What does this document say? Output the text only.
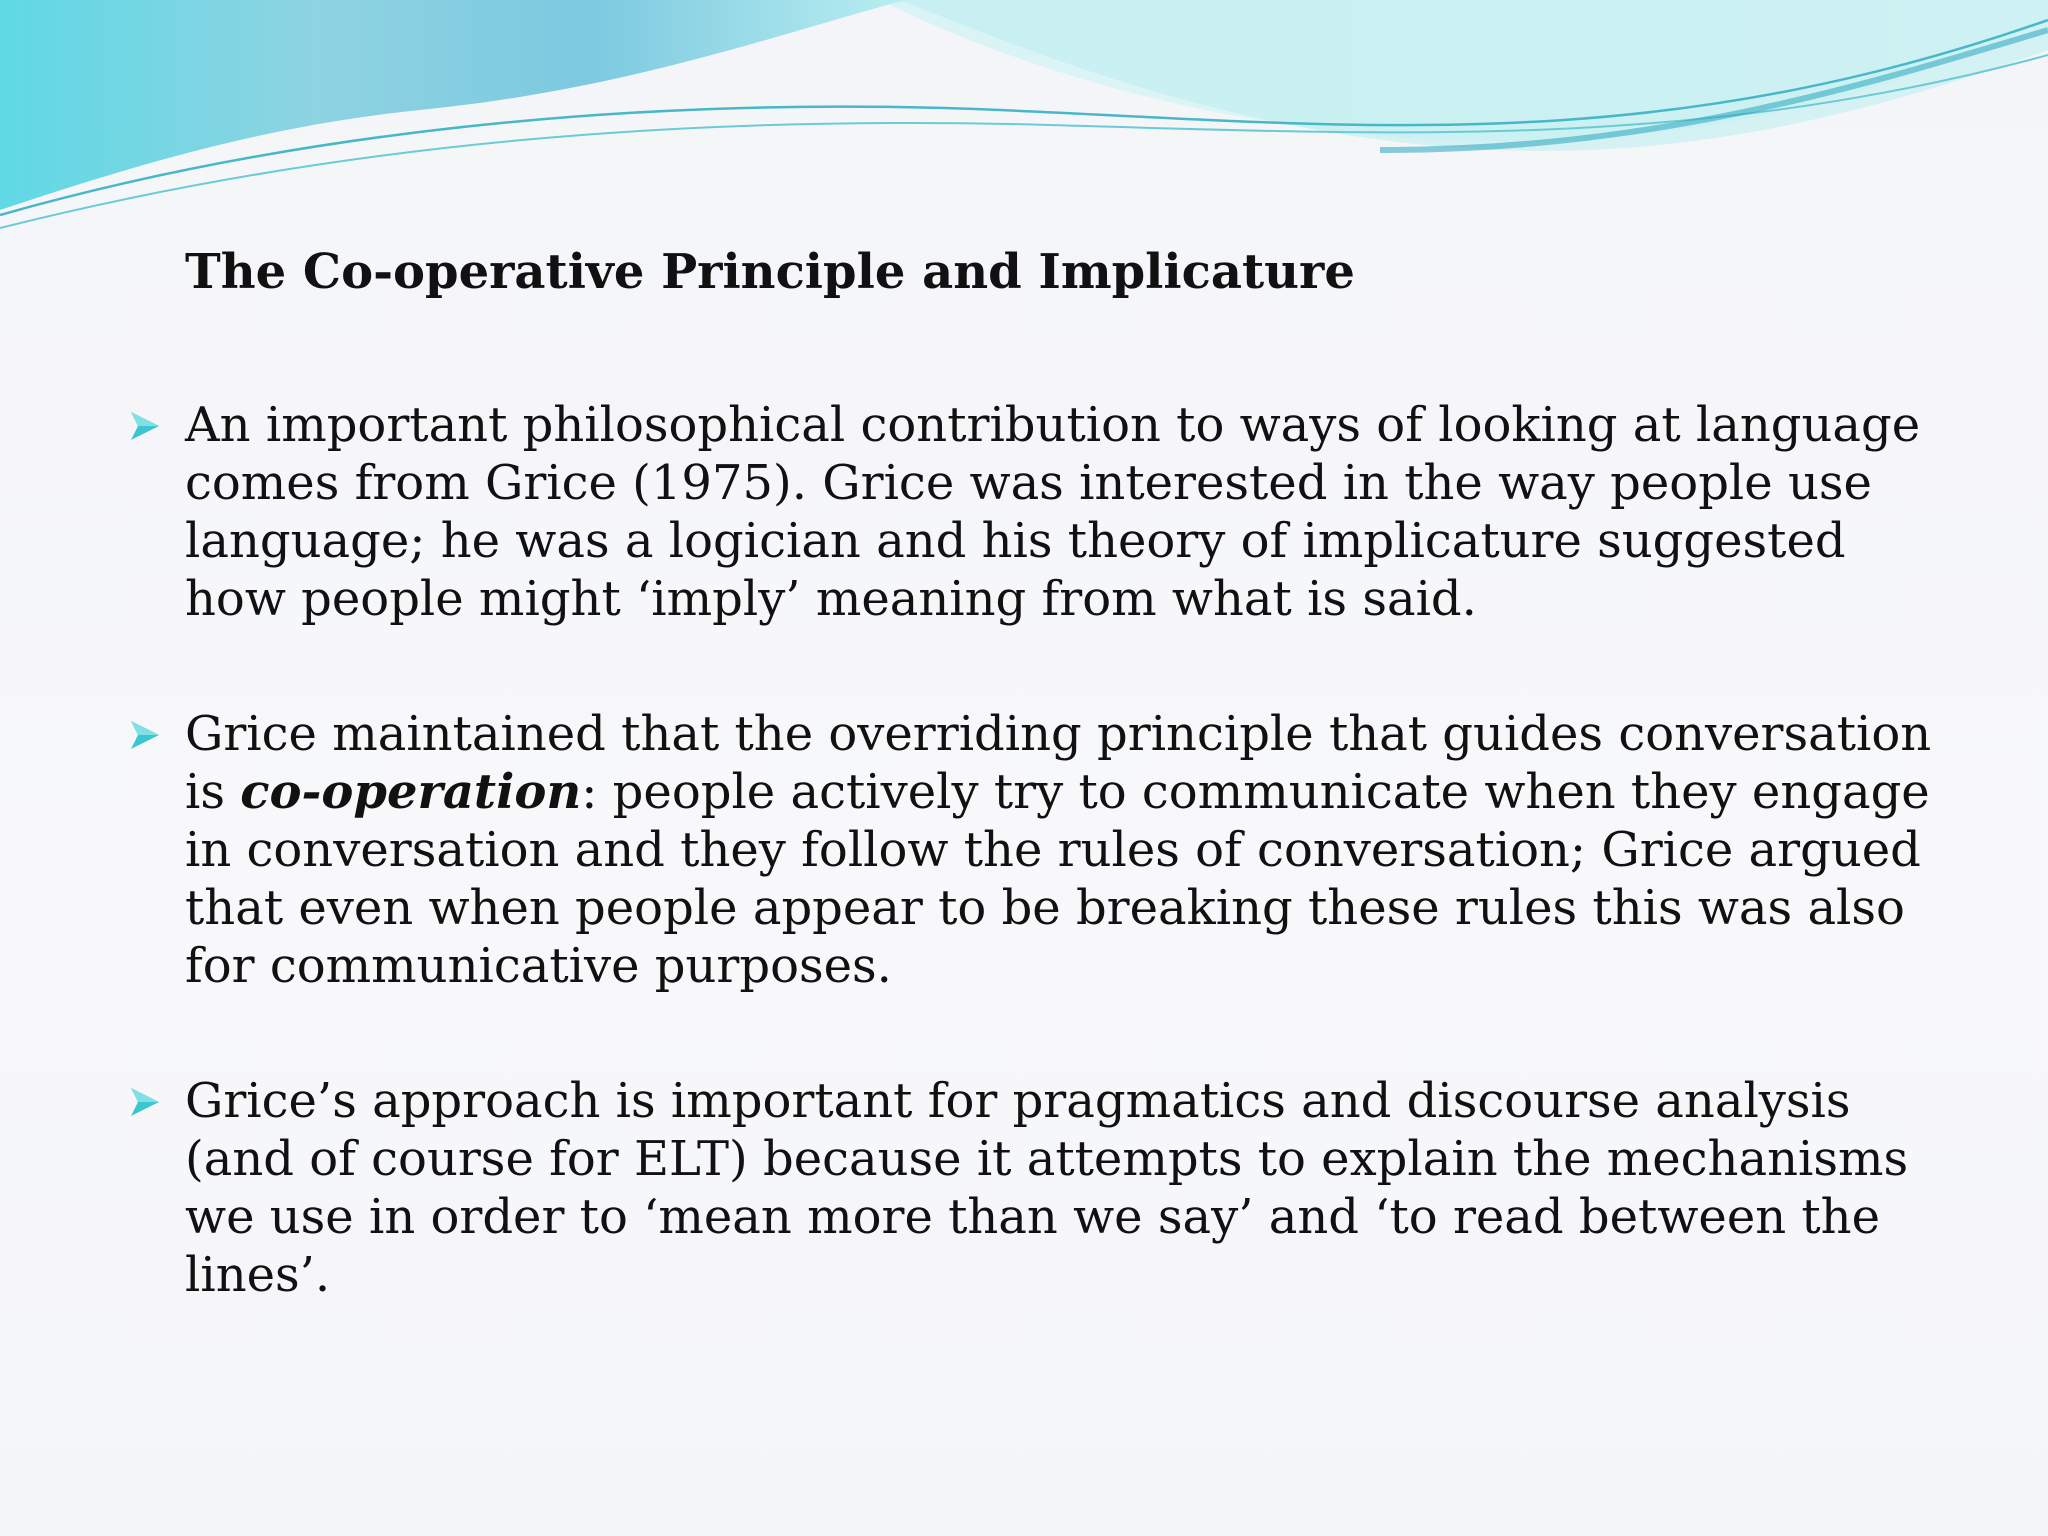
The Co-operative Principle and Implicature
An important philosophical contribution to ways of looking at language comes from Grice (1975). Grice was interested in the way people use language; he was a logician and his theory of implicature suggested how people might ‘imply’ meaning from what is said.
Grice maintained that the overriding principle that guides conversation is co-operation: people actively try to communicate when they engage in conversation and they follow the rules of conversation; Grice argued that even when people appear to be breaking these rules this was also for communicative purposes.
Grice’s approach is important for pragmatics and discourse analysis (and of course for ELT) because it attempts to explain the mechanisms we use in order to ‘mean more than we say’ and ‘to read between the lines’.
